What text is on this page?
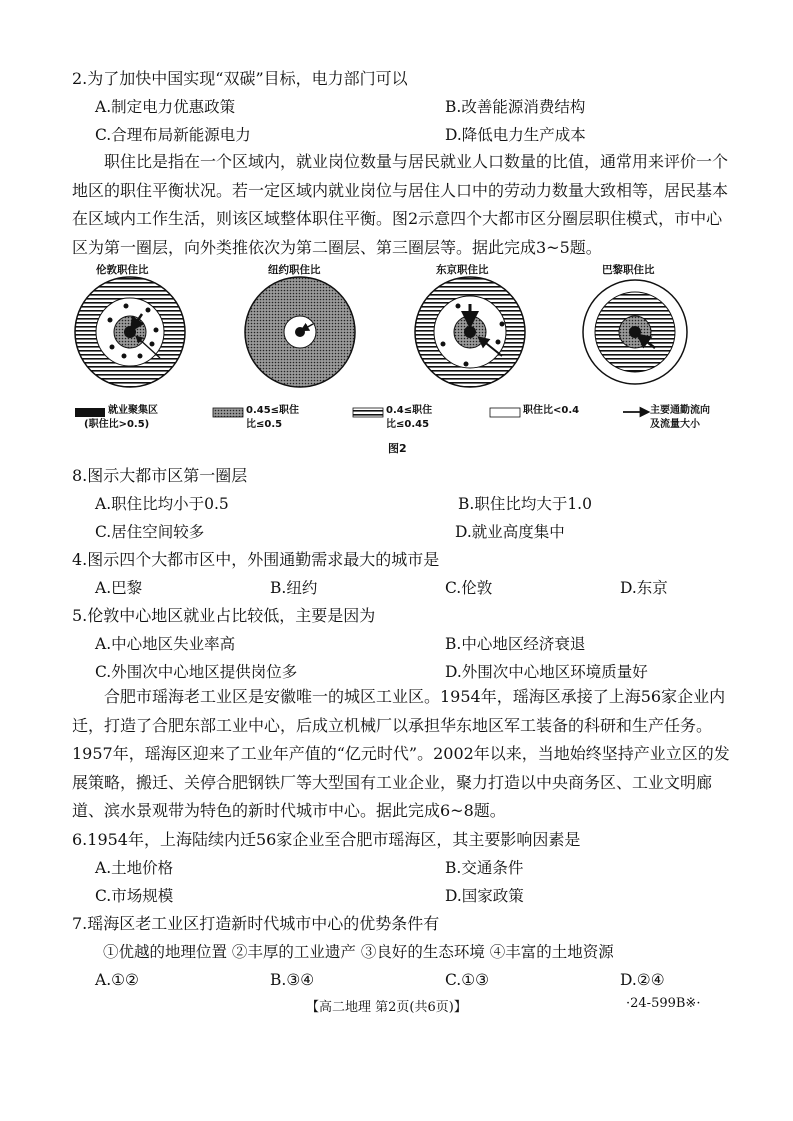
2.为了加快中国实现“双碳”目标，电力部门可以
A.制定电力优惠政策	B.改善能源消费结构
C.合理布局新能源电力	D.降低电力生产成本
职住比是指在一个区域内，就业岗位数量与居民就业人口数量的比值，通常用来评价一个地区的职住平衡状况。若一定区域内就业岗位与居住人口中的劳动力数量大致相等，居民基本在区域内工作生活，则该区域整体职住平衡。图2示意四个大都市区分圈层职住模式，市中心区为第一圈层，向外类推依次为第二圈层、第三圈层等。据此完成3~5题。
伦敦职住比	纽约职住比	东京职住比	巴黎职住比
就业聚集区
(职住比>0.5)
0.45≤职住
比≤0.5
0.4≤职住
比≤0.45
职住比<0.4	主要通勤流向
及流量大小
图2
8.图示大都市区第一圈层
A.职住比均小于0.5	B.职住比均大于1.0
C.居住空间较多	D.就业高度集中
4.图示四个大都市区中，外围通勤需求最大的城市是
A.巴黎	B.纽约	C.伦敦	D.东京
5.伦敦中心地区就业占比较低，主要是因为
A.中心地区失业率高	B.中心地区经济衰退
C.外围次中心地区提供岗位多	D.外围次中心地区环境质量好
合肥市瑶海老工业区是安徽唯一的城区工业区。1954年，瑶海区承接了上海56家企业内迁，打造了合肥东部工业中心，后成立机械厂以承担华东地区军工装备的科研和生产任务。1957年，瑶海区迎来了工业年产值的“亿元时代”。2002年以来，当地始终坚持产业立区的发展策略，搬迁、关停合肥钢铁厂等大型国有工业企业，聚力打造以中央商务区、工业文明廊道、滨水景观带为特色的新时代城市中心。据此完成6~8题。
6.1954年，上海陆续内迁56家企业至合肥市瑶海区，其主要影响因素是
A.土地价格	B.交通条件
C.市场规模	D.国家政策
7.瑶海区老工业区打造新时代城市中心的优势条件有
①优越的地理位置 ②丰厚的工业遗产 ③良好的生态环境 ④丰富的土地资源
A.①②	B.③④	C.①③	D.②④
【高二地理 第2页(共6页)】	·24-599B※·
